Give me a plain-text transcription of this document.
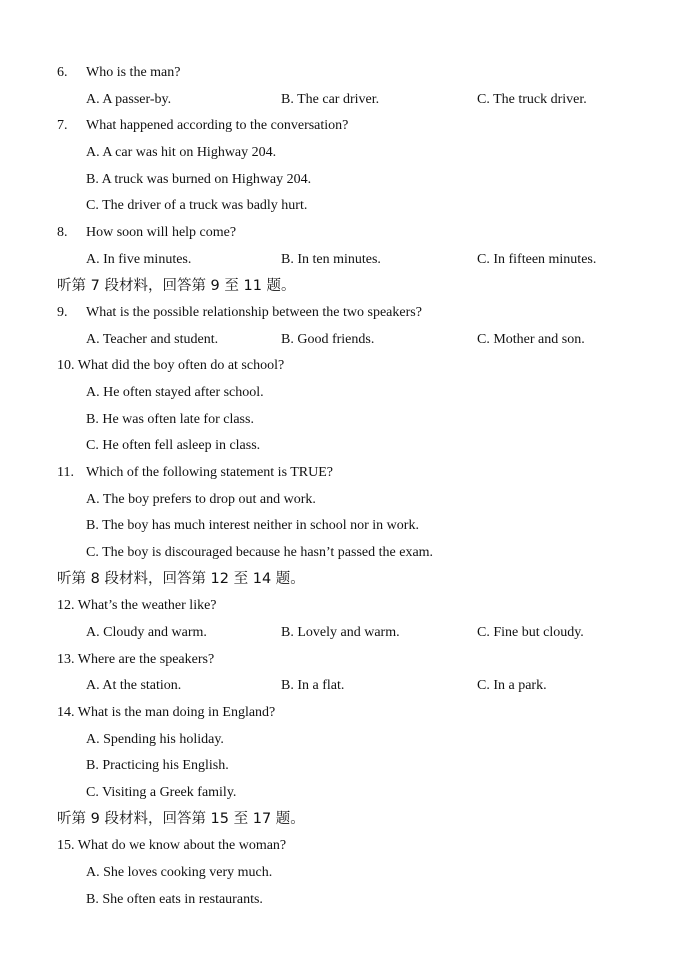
6. Who is the man?
A. A passer-by.	B. The car driver.	C. The truck driver.
7. What happened according to the conversation?
A. A car was hit on Highway 204.
B. A truck was burned on Highway 204.
C. The driver of a truck was badly hurt.
8. How soon will help come?
A. In five minutes.	B. In ten minutes.	C. In fifteen minutes.
听第 7 段材料，回答第 9 至 11 题。
9. What is the possible relationship between the two speakers?
A. Teacher and student.	B. Good friends.	C. Mother and son.
10. What did the boy often do at school?
A. He often stayed after school.
B. He was often late for class.
C. He often fell asleep in class.
11. Which of the following statement is TRUE?
A. The boy prefers to drop out and work.
B. The boy has much interest neither in school nor in work.
C. The boy is discouraged because he hasn’t passed the exam.
听第 8 段材料，回答第 12 至 14 题。
12. What’s the weather like?
A. Cloudy and warm.	B. Lovely and warm.	C. Fine but cloudy.
13. Where are the speakers?
A. At the station.	B. In a flat.	C. In a park.
14. What is the man doing in England?
A. Spending his holiday.
B. Practicing his English.
C. Visiting a Greek family.
听第 9 段材料，回答第 15 至 17 题。
15. What do we know about the woman?
A. She loves cooking very much.
B. She often eats in restaurants.
